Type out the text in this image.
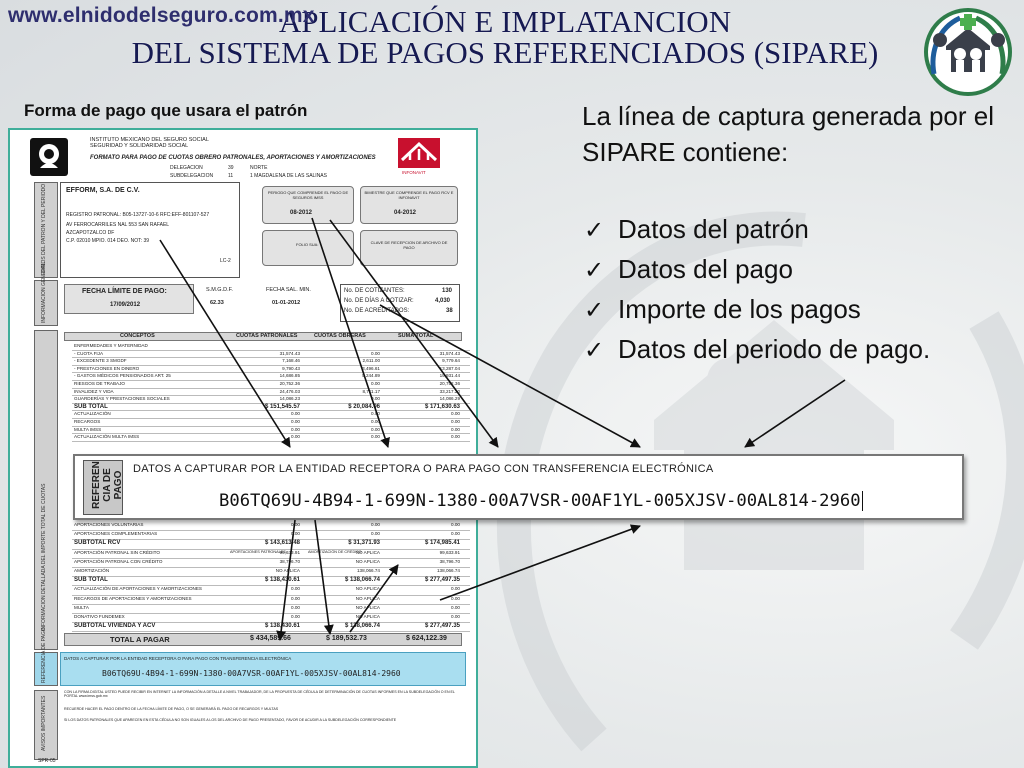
www.elnidodelseguro.com.mx
APLICACIÓN E IMPLATANCION
DEL SISTEMA DE PAGOS REFERENCIADOS (SIPARE)
Forma de pago que usara el patrón
INSTITUTO MEXICANO DEL SEGURO SOCIAL
SEGURIDAD Y SOLIDARIDAD SOCIAL
FORMATO PARA PAGO DE CUOTAS OBRERO PATRONALES, APORTACIONES Y AMORTIZACIONES
DELEGACION	39	NORTE
SUBDELEGACION	11	1 MAGDALENA DE LAS SALINAS
INFONAVIT
DATOS DEL PATRON Y DEL PERIODO	EFFORM, S.A. DE C.V.
REGISTRO PATRONAL: B05-13727-10-6 RFC:EFF-801107-527
AV FERROCARRILES NAL 553 SAN RAFAEL
AZCAPOTZALCO DF
C.P. 02010 MPIO. 014 DEO. NOT: 39
LC-2
PERIODO QUE COMPRENDE EL PAGO DE SEGUROS IMSS
08-2012
BIMESTRE QUE COMPRENDE EL PAGO RCV E INFONAVIT
04-2012
FOLIO SUA:	CLAVE DE RECEPCION DE ARCHIVO DE PAGO
INFORMACION GENERAL	FECHA LÍMITE DE PAGO:
17/09/2012
S.M.G.D.F.
62.33
FECHA SAL. MIN.
01-01-2012
No. DE COTIZANTES:	130
No. DE DÍAS A COTIZAR:	4,030
No. DE ACREDITADOS:	38
INFORMACION DETALLADA DEL IMPORTE TOTAL DE CUOTAS
CONCEPTOS	CUOTAS PATRONALES	CUOTAS OBRERAS	SUMA TOTAL
APORTACIONES PATRONALES	AMORTIZACIÓN DE CRÉDITO
TOTAL A PAGAR	$ 434,589.66	$ 189,532.73	$ 624,122.39
REFERENCIA DE PAGO	DATOS A CAPTURAR POR LA ENTIDAD RECEPTORA O PARA PAGO CON TRANSFERENCIA ELECTRÓNICA
B06TQ69U-4B94-1-699N-1380-00A7VSR-00AF1YL-005XJSV-00AL814-2960
AVISOS IMPORTANTES
CON LA FIRMA DIGITAL USTED PUEDE RECIBIR EN INTERNET LA INFORMACIÓN A DETALLE A NIVEL TRABAJADOR, DE LA PROPUESTA DE CÉDULA DE DETERMINACIÓN DE CUOTAS INFORMES EN LA SUBDELEGACIÓN O EN EL PORTAL www.imss.gob.mx
RECUERDE HACER EL PAGO DENTRO DE LA FECHA LÍMITE DE PAGO, O SE GENERARÁ EL PAGO DE RECARGOS Y MULTAS
SI LOS DATOS PATRONALES QUE APARECEN EN ESTA CÉDULA NO SON IGUALES A LOS DEL ARCHIVO DE PAGO PRESENTADO, FAVOR DE ACUDIR A LA SUBDELEGACIÓN CORRESPONDIENTE
SPR-05
ENFERMEDADES Y MATERNIDAD
- CUOTA FIJA	31,574.43	0.00	31,574.43
- EXCEDENTE 3 SMGDF	7,168.46	2,611.00	9,779.64
- PRESTACIONES EN DINERO	9,790.43	3,496.61	13,287.04
- GASTOS MÉDICOS PENSIONADOS ART. 25	14,686.85	5,244.89	19,931.44
RIESGOS DE TRABAJO	20,752.36	0.00	20,752.36
INVALIDEZ Y VIDA	24,476.03	8,711.17	33,217.20
GUARDERÍAS Y PRESTACIONES SOCIALES	14,086.23	0.00	14,086.29
SUB TOTAL	$ 151,545.57	$ 20,084.06	$ 171,630.63
ACTUALIZACIÓN	0.00	0.00	0.00
RECARGOS	0.00	0.00	0.00
MULTA IMSS	0.00	0.00	0.00
ACTUALIZACIÓN MULTA IMSS	0.00	0.00	0.00
APORTACIONES VOLUNTARIAS	0.00	0.00	0.00
APORTACIONES COMPLEMENTARIAS	0.00	0.00	0.00
SUBTOTAL RCV	$ 143,613.48	$ 31,371.93	$ 174,985.41
APORTACIÓN PATRONAL SIN CRÉDITO	99,633.91	NO APLICA	99,633.91
APORTACIÓN PATRONAL CON CRÉDITO	38,796.70	NO APLICA	38,796.70
AMORTIZACIÓN	NO APLICA	138,066.74	138,066.74
SUB TOTAL	$ 138,430.61	$ 138,066.74	$ 277,497.35
ACTUALIZACIÓN DE APORTACIONES Y AMORTIZACIONES	0.00	NO APLICA	0.00
RECARGOS DE APORTACIONES Y AMORTIZACIONES	0.00	NO APLICA	0.00
MULTA	0.00	NO APLICA	0.00
DONATIVO FUNDEMEX	0.00	NO APLICA	0.00
SUBTOTAL VIVIENDA Y ACV	$ 138,430.61	$ 138,066.74	$ 277,497.35
La línea de captura generada por el SIPARE contiene:
✓ Datos del patrón
✓ Datos del pago
✓ Importe de los pagos
✓ Datos del periodo de pago.
REFEREN CIA DE PAGO
DATOS A CAPTURAR POR LA ENTIDAD RECEPTORA O PARA PAGO CON TRANSFERENCIA ELECTRÓNICA
B06TQ69U-4B94-1-699N-1380-00A7VSR-00AF1YL-005XJSV-00AL814-2960
